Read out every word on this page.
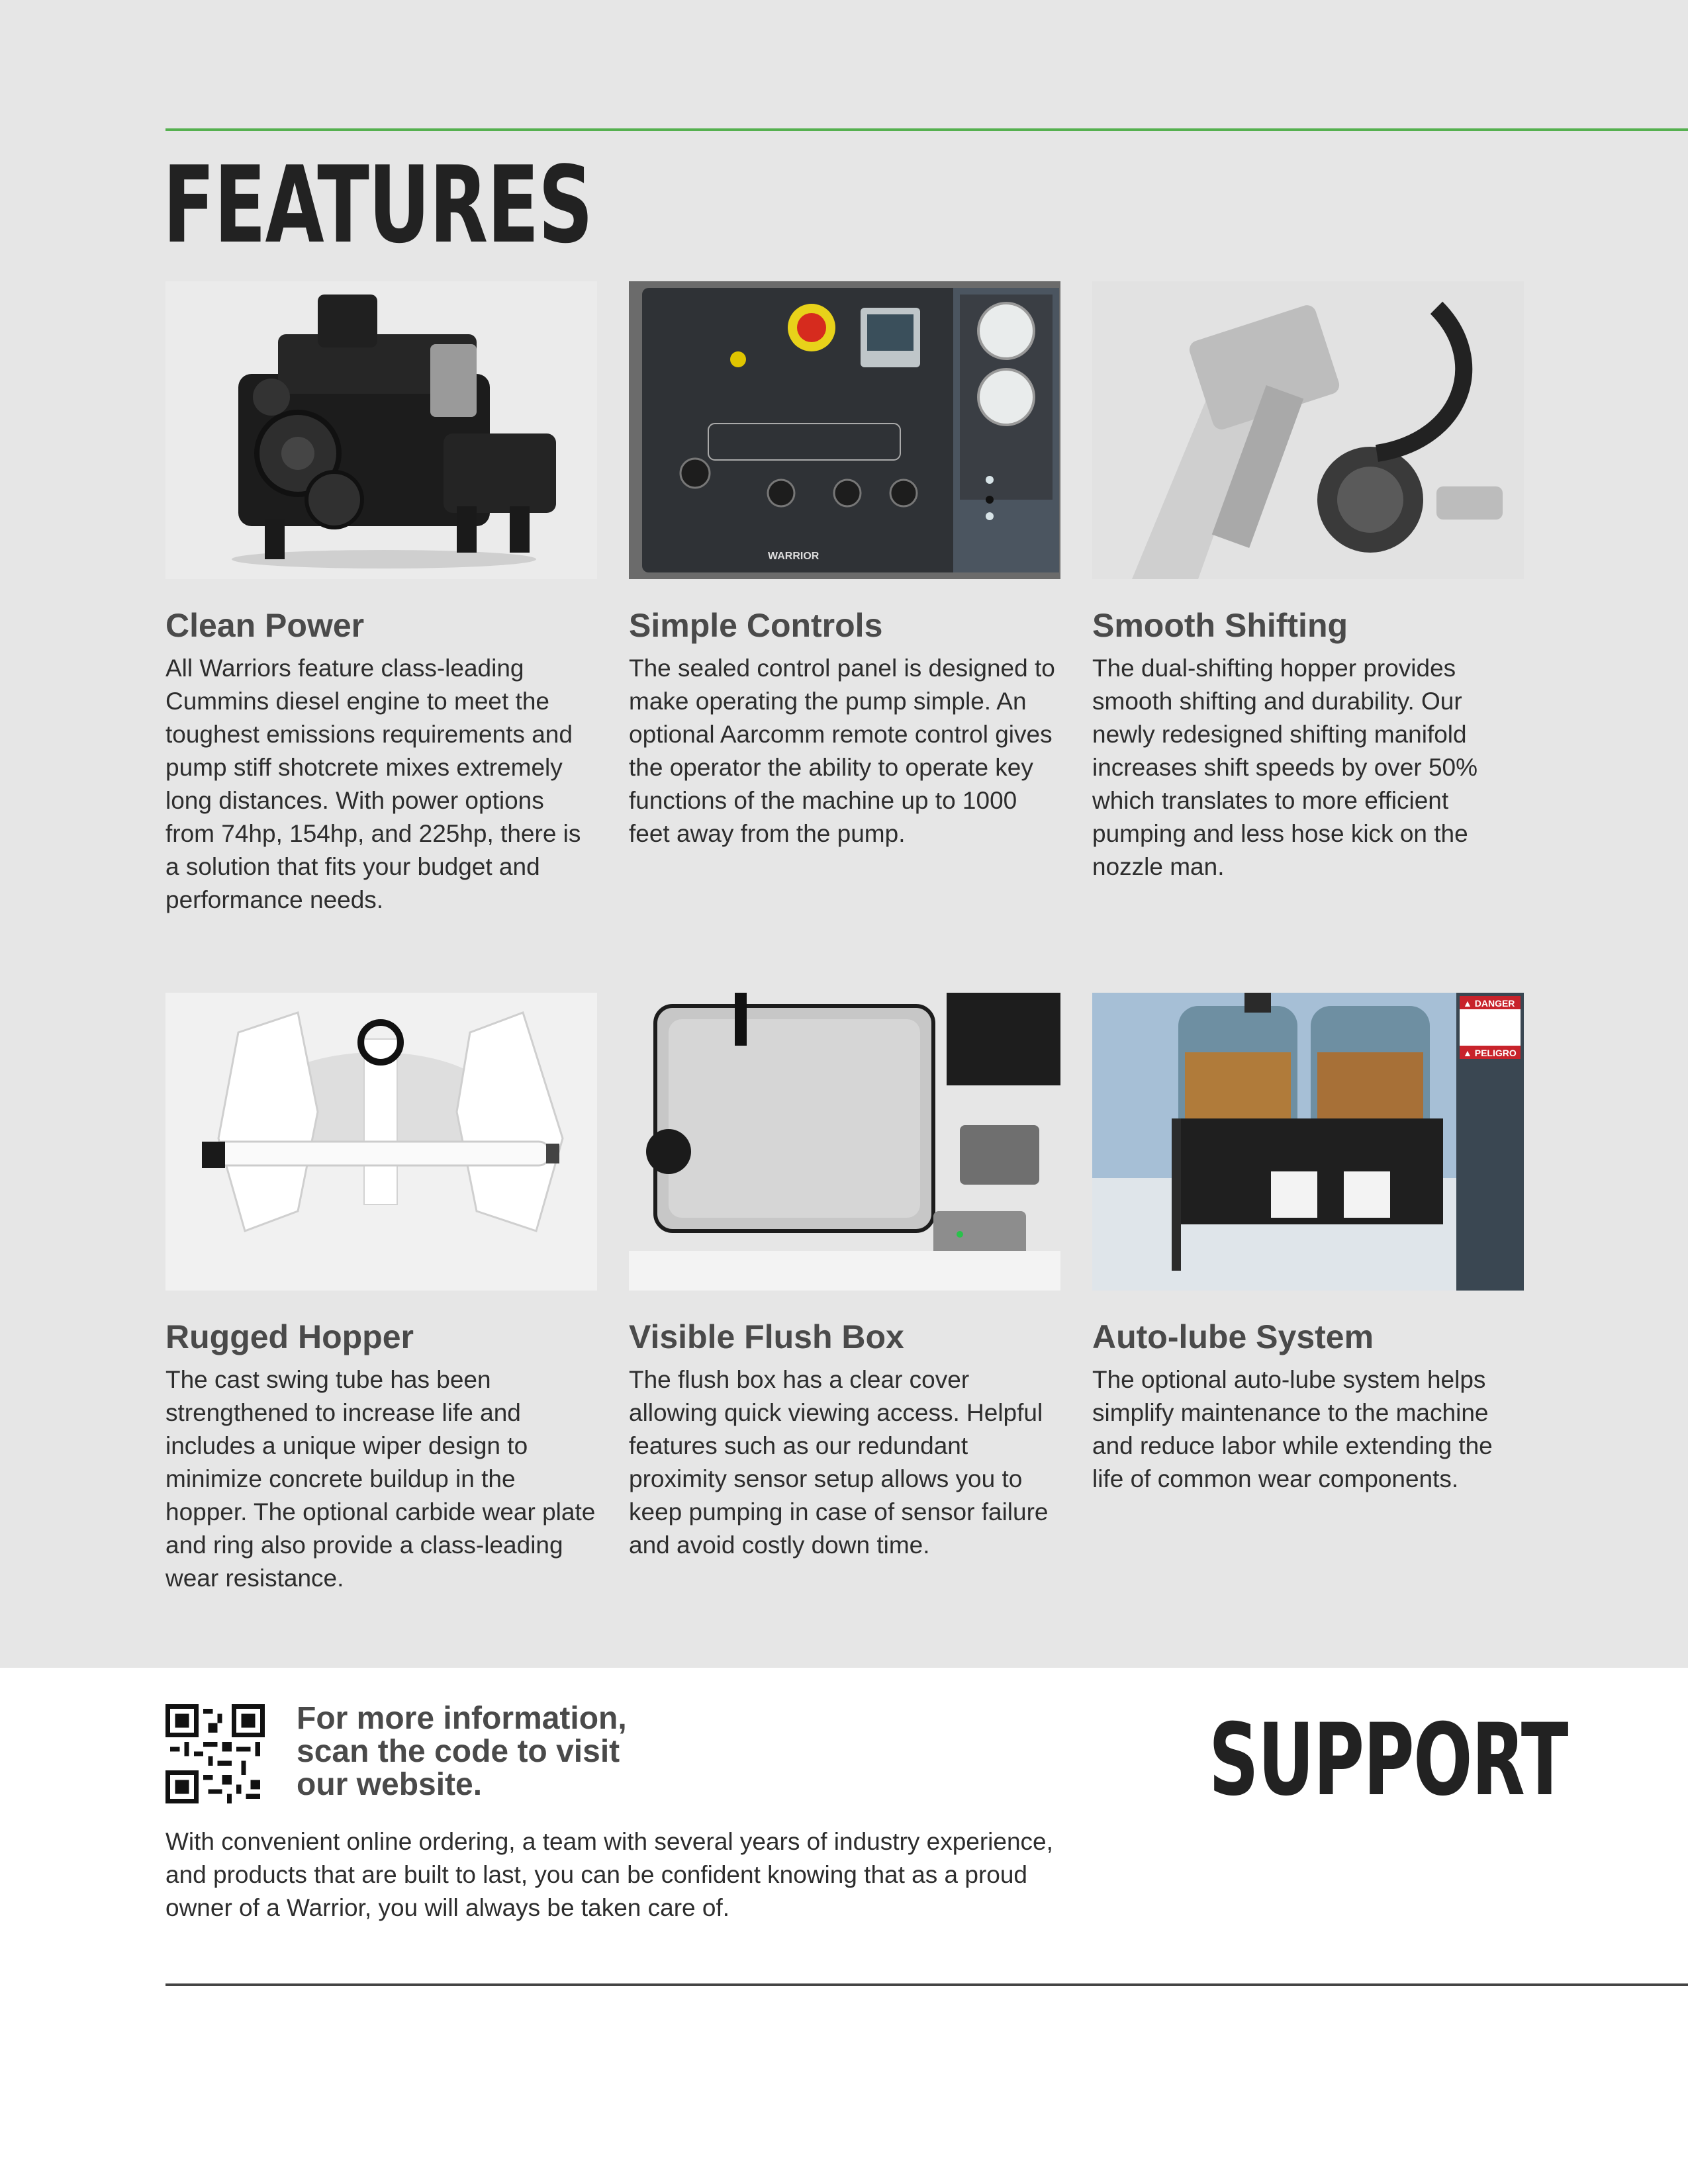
FEATURES
Clean Power

All Warriors feature class-leading Cummins diesel engine to meet the toughest emissions requirements and pump stiff shotcrete mixes extremely long distances. With power options from 74hp, 154hp, and 225hp, there is a solution that fits your budget and performance needs.

WARRIOR
Simple Controls

The sealed control panel is designed to make operating the pump simple. An optional Aarcomm remote control gives the operator the ability to operate key functions of the machine up to 1000 feet away from the pump.

Smooth Shifting

The dual-shifting hopper provides smooth shifting and durability. Our newly redesigned shifting manifold increases shift speeds by over 50% which translates to more efficient pumping and less hose kick on the nozzle man.

Rugged Hopper

The cast swing tube has been strengthened to increase life and includes a unique wiper design to minimize concrete buildup in the hopper. The optional carbide wear plate and ring also provide a class-leading wear resistance.

Visible Flush Box

The flush box has a clear cover allowing quick viewing access. Helpful features such as our redundant proximity sensor setup allows you to keep pumping in case of sensor failure and avoid costly down time.

▲ DANGER
▲ PELIGRO
Auto-lube System

The optional auto-lube system helps simplify maintenance to the machine and reduce labor while extending the life of common wear components.

For more information, scan the code to visit our website.	SUPPORT

With convenient online ordering, a team with several years of industry experience, and products that are built to last, you can be confident knowing that as a proud owner of a Warrior, you will always be taken care of.
